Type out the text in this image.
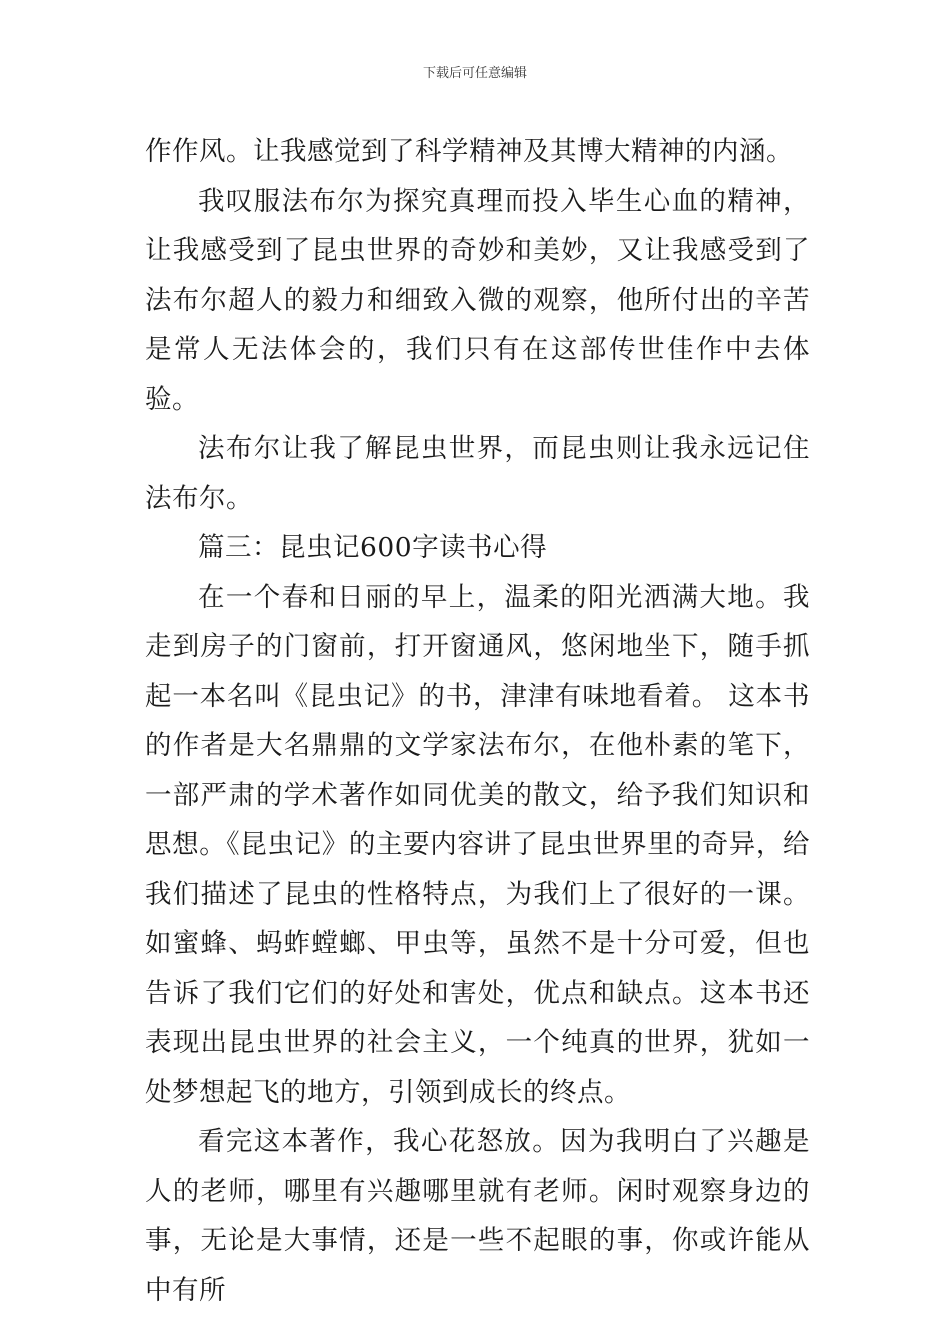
下载后可任意编辑

作作风。让我感觉到了科学精神及其博大精神的内涵。

我叹服法布尔为探究真理而投入毕生心血的精神，让我感受到了昆虫世界的奇妙和美妙，又让我感受到了法布尔超人的毅力和细致入微的观察，他所付出的辛苦是常人无法体会的，我们只有在这部传世佳作中去体验。

法布尔让我了解昆虫世界，而昆虫则让我永远记住法布尔。

篇三：昆虫记600字读书心得

在一个春和日丽的早上，温柔的阳光洒满大地。我走到房子的门窗前，打开窗通风，悠闲地坐下，随手抓起一本名叫《昆虫记》的书，津津有味地看着。 这本书的作者是大名鼎鼎的文学家法布尔，在他朴素的笔下，一部严肃的学术著作如同优美的散文，给予我们知识和思想。《昆虫记》的主要内容讲了昆虫世界里的奇异，给我们描述了昆虫的性格特点，为我们上了很好的一课。如蜜蜂、蚂蚱螳螂、甲虫等，虽然不是十分可爱，但也告诉了我们它们的好处和害处，优点和缺点。这本书还表现出昆虫世界的社会主义，一个纯真的世界，犹如一处梦想起飞的地方，引领到成长的终点。

看完这本著作，我心花怒放。因为我明白了兴趣是人的老师，哪里有兴趣哪里就有老师。闲时观察身边的事，无论是大事情，还是一些不起眼的事，你或许能从中有所
